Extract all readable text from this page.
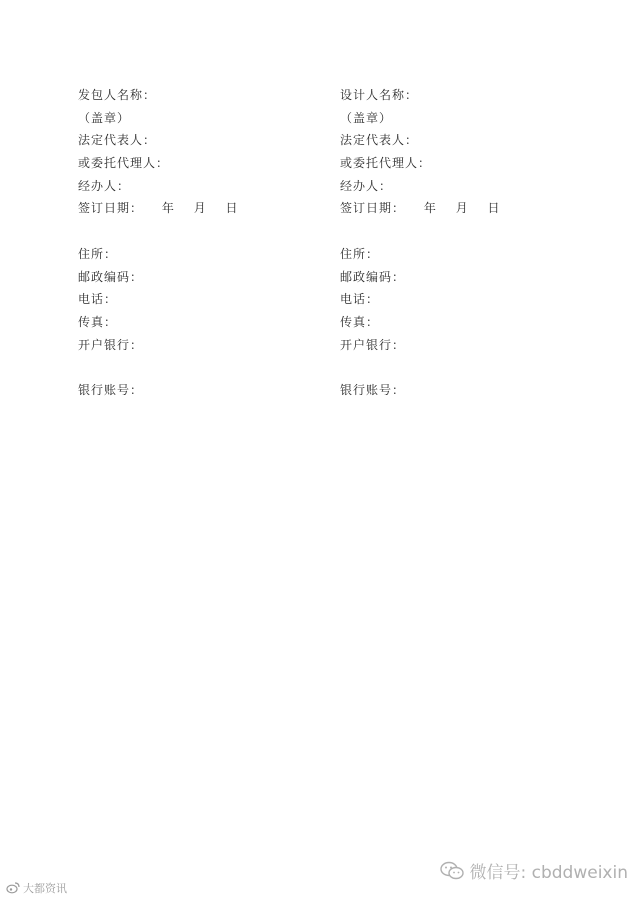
发包人名称：
（盖章）
法定代表人：
或委托代理人：
经办人：
签订日期： 年 月 日
住所：
邮政编码：
电话：
传真：
开户银行：
银行账号：
设计人名称：
（盖章）
法定代表人：
或委托代理人：
经办人：
签订日期： 年 月 日
住所：
邮政编码：
电话：
传真：
开户银行：
银行账号：
大都资讯
微信号: cbddweixin
